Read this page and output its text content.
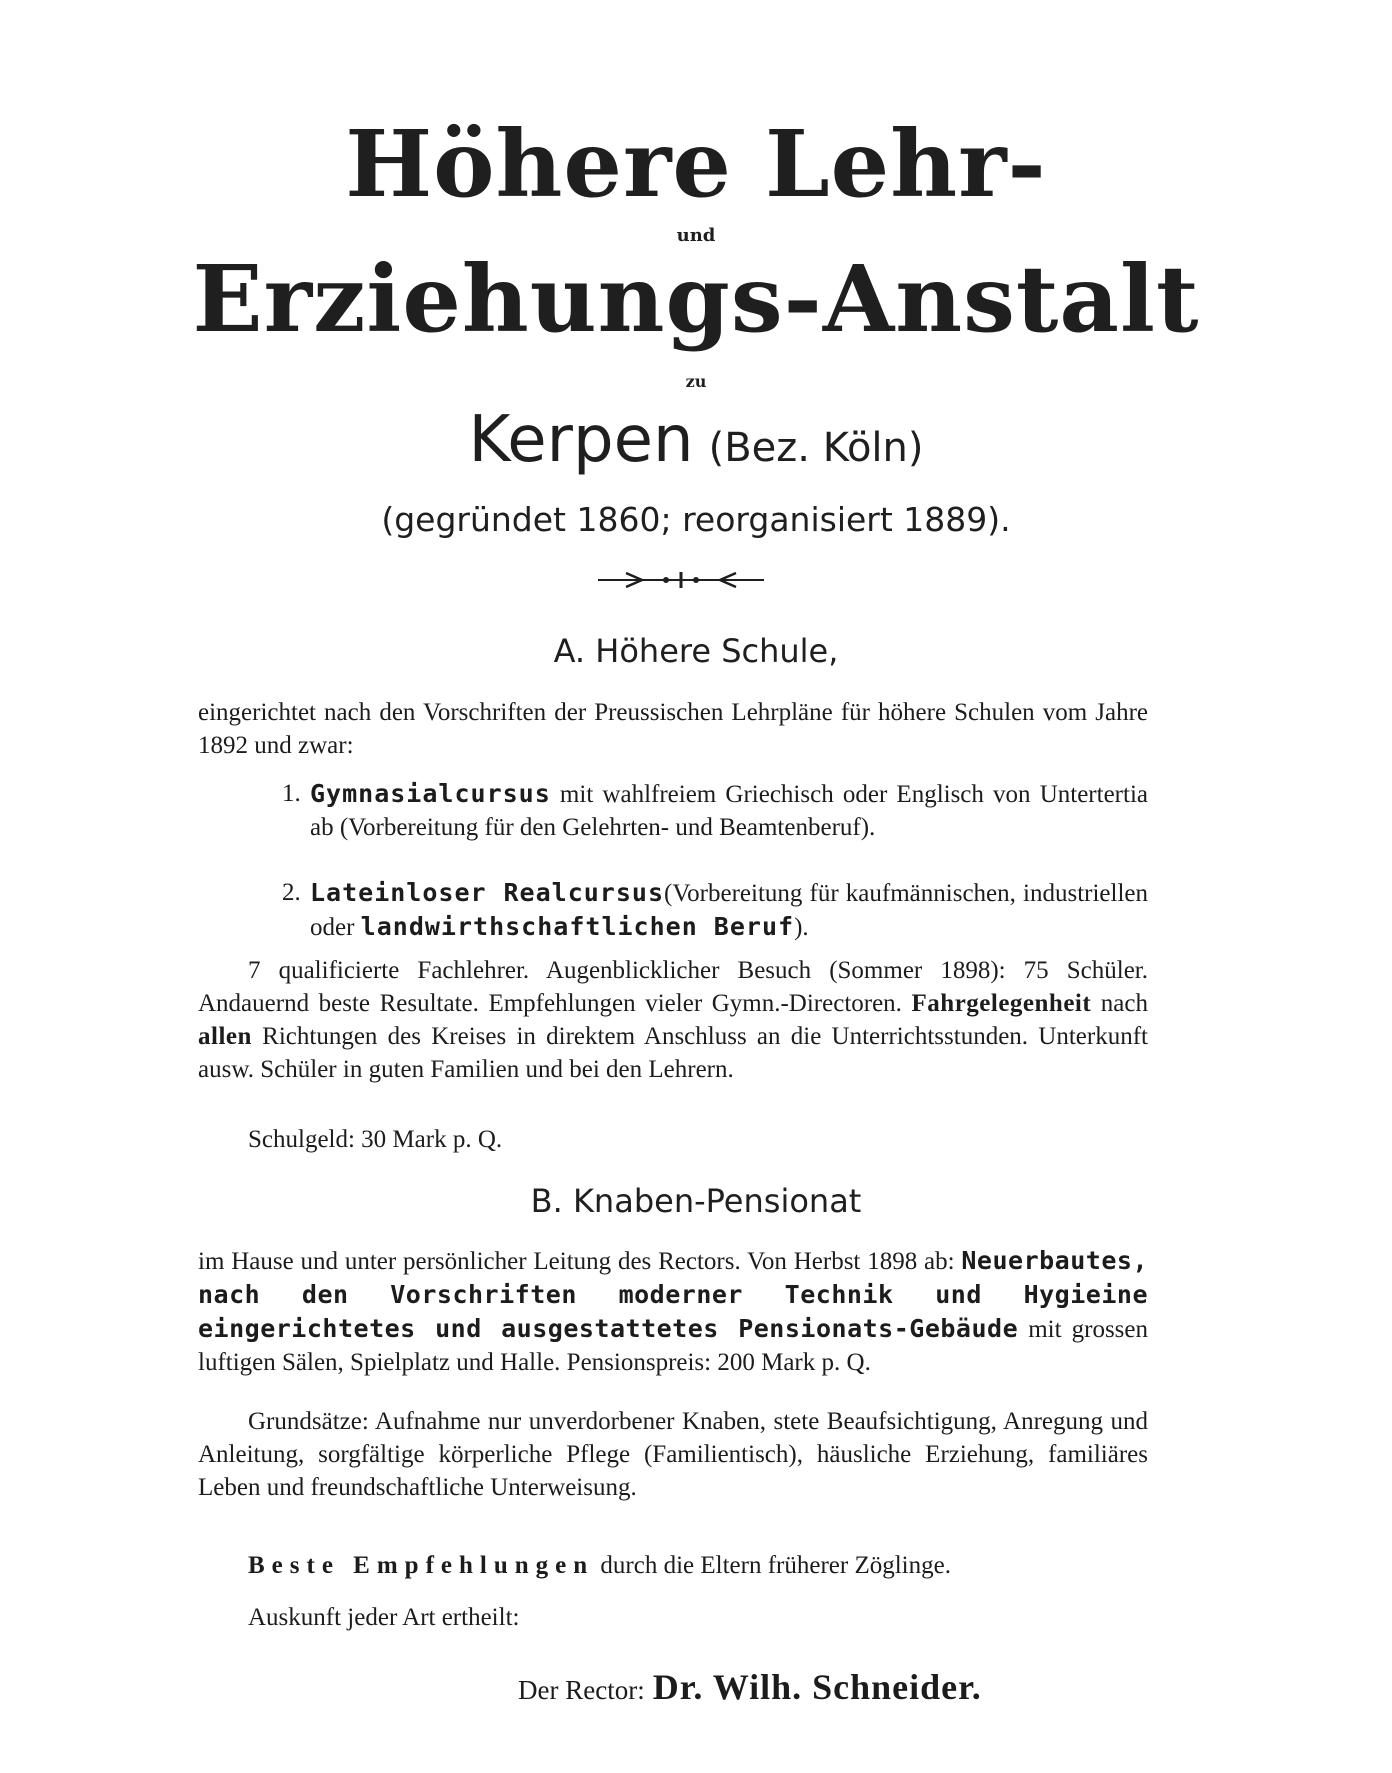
Höhere Lehr-
und
Erziehungs-Anstalt
zu
Kerpen (Bez. Köln)
(gegründet 1860; reorganisiert 1889).
A. Höhere Schule,
eingerichtet nach den Vorschriften der Preussischen Lehrpläne für höhere Schulen vom Jahre 1892 und zwar:
1. Gymnasialcursus mit wahlfreiem Griechisch oder Englisch von Untertertia ab (Vorbereitung für den Gelehrten- und Beamtenberuf).
2. Lateinloser Realcursus(Vorbereitung für kaufmännischen, industriellen oder landwirthschaftlichen Beruf).
7 qualificierte Fachlehrer. Augenblicklicher Besuch (Sommer 1898): 75 Schüler. Andauernd beste Resultate. Empfehlungen vieler Gymn.-Directoren. Fahrgelegenheit nach allen Richtungen des Kreises in direktem Anschluss an die Unterrichtsstunden. Unterkunft ausw. Schüler in guten Familien und bei den Lehrern.
Schulgeld: 30 Mark p. Q.
B. Knaben-Pensionat
im Hause und unter persönlicher Leitung des Rectors. Von Herbst 1898 ab: Neuerbautes, nach den Vorschriften moderner Technik und Hygieine eingerichtetes und ausgestattetes Pensionats-Gebäude mit grossen luftigen Sälen, Spielplatz und Halle. Pensionspreis: 200 Mark p. Q.
Grundsätze: Aufnahme nur unverdorbener Knaben, stete Beaufsichtigung, Anregung und Anleitung, sorgfältige körperliche Pflege (Familientisch), häusliche Erziehung, familiäres Leben und freundschaftliche Unterweisung.
Beste Empfehlungen durch die Eltern früherer Zöglinge.
Auskunft jeder Art ertheilt:
Der Rector: Dr. Wilh. Schneider.
